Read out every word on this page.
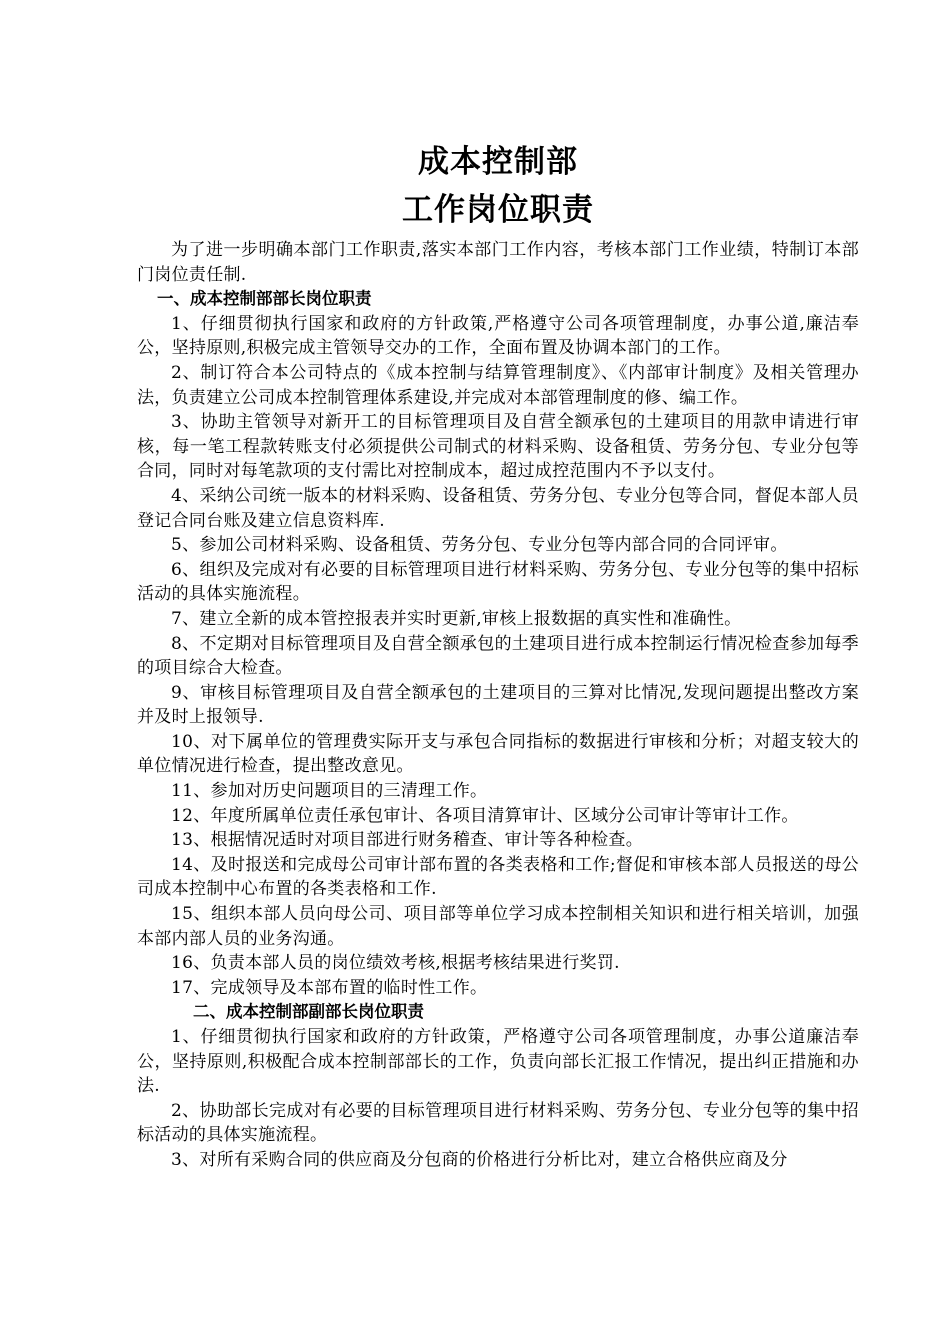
成本控制部
工作岗位职责

为了进一步明确本部门工作职责,落实本部门工作内容，考核本部门工作业绩，特制订本部门岗位责任制.

一、成本控制部部长岗位职责

1、仔细贯彻执行国家和政府的方针政策,严格遵守公司各项管理制度，办事公道,廉洁奉公，坚持原则,积极完成主管领导交办的工作，全面布置及协调本部门的工作。

2、制订符合本公司特点的《成本控制与结算管理制度》、《内部审计制度》及相关管理办法，负责建立公司成本控制管理体系建设,并完成对本部管理制度的修、编工作。

3、协助主管领导对新开工的目标管理项目及自营全额承包的土建项目的用款申请进行审核，每一笔工程款转账支付必须提供公司制式的材料采购、设备租赁、劳务分包、专业分包等合同，同时对每笔款项的支付需比对控制成本，超过成控范围内不予以支付。

4、采纳公司统一版本的材料采购、设备租赁、劳务分包、专业分包等合同，督促本部人员登记合同台账及建立信息资料库.

5、参加公司材料采购、设备租赁、劳务分包、专业分包等内部合同的合同评审。

6、组织及完成对有必要的目标管理项目进行材料采购、劳务分包、专业分包等的集中招标活动的具体实施流程。

7、建立全新的成本管控报表并实时更新,审核上报数据的真实性和准确性。

8、不定期对目标管理项目及自营全额承包的土建项目进行成本控制运行情况检查参加每季的项目综合大检查。

9、审核目标管理项目及自营全额承包的土建项目的三算对比情况,发现问题提出整改方案并及时上报领导.

10、对下属单位的管理费实际开支与承包合同指标的数据进行审核和分析；对超支较大的单位情况进行检查，提出整改意见。

11、参加对历史问题项目的三清理工作。

12、年度所属单位责任承包审计、各项目清算审计、区域分公司审计等审计工作。

13、根据情况适时对项目部进行财务稽查、审计等各种检查。

14、及时报送和完成母公司审计部布置的各类表格和工作;督促和审核本部人员报送的母公司成本控制中心布置的各类表格和工作.

15、组织本部人员向母公司、项目部等单位学习成本控制相关知识和进行相关培训，加强本部内部人员的业务沟通。

16、负责本部人员的岗位绩效考核,根据考核结果进行奖罚.

17、完成领导及本部布置的临时性工作。

二、成本控制部副部长岗位职责

1、仔细贯彻执行国家和政府的方针政策，严格遵守公司各项管理制度，办事公道廉洁奉公，坚持原则,积极配合成本控制部部长的工作，负责向部长汇报工作情况，提出纠正措施和办法.

2、协助部长完成对有必要的目标管理项目进行材料采购、劳务分包、专业分包等的集中招标活动的具体实施流程。

3、对所有采购合同的供应商及分包商的价格进行分析比对，建立合格供应商及分
